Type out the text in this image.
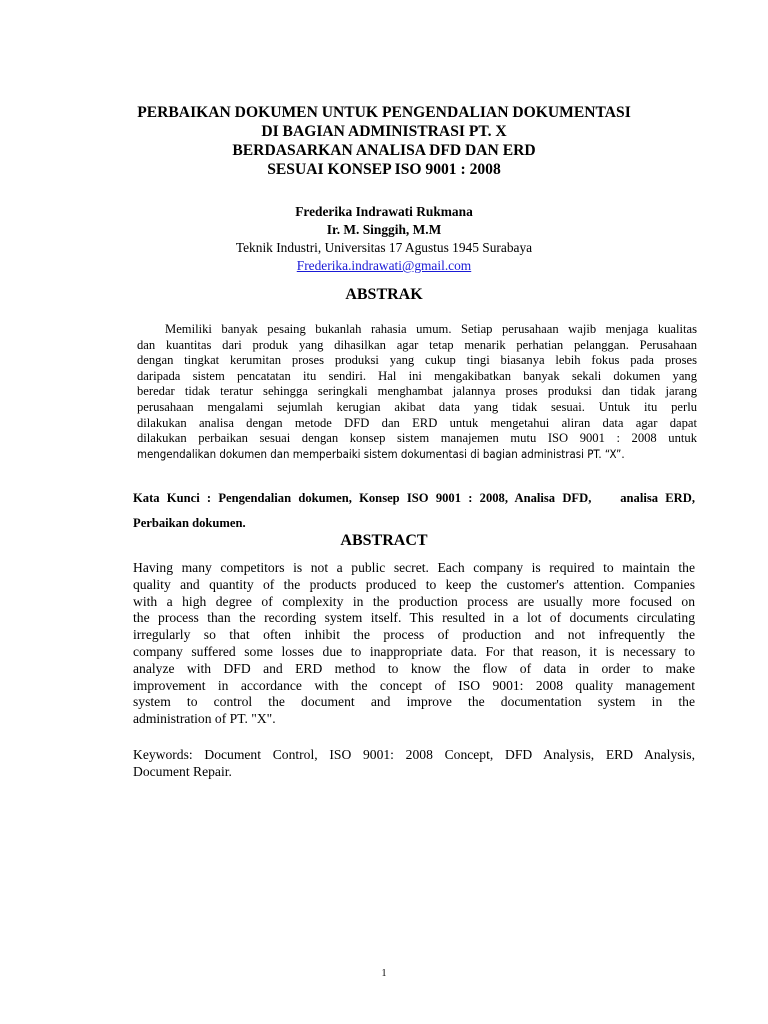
PERBAIKAN DOKUMEN UNTUK PENGENDALIAN DOKUMENTASI
DI BAGIAN ADMINISTRASI PT. X
BERDASARKAN ANALISA DFD DAN ERD
SESUAI KONSEP ISO 9001 : 2008
Frederika Indrawati Rukmana
Ir. M. Singgih, M.M
Teknik Industri, Universitas 17 Agustus 1945 Surabaya
Frederika.indrawati@gmail.com
ABSTRAK
Memiliki banyak pesaing bukanlah rahasia umum. Setiap perusahaan wajib menjaga kualitas
dan kuantitas dari produk yang dihasilkan agar tetap menarik perhatian pelanggan. Perusahaan
dengan tingkat kerumitan proses produksi yang cukup tingi biasanya lebih fokus pada proses
daripada sistem pencatatan itu sendiri. Hal ini mengakibatkan banyak sekali dokumen yang
beredar tidak teratur sehingga seringkali menghambat jalannya proses produksi dan tidak jarang
perusahaan mengalami sejumlah kerugian akibat data yang tidak sesuai. Untuk itu perlu
dilakukan analisa dengan metode DFD dan ERD untuk mengetahui aliran data agar dapat
dilakukan perbaikan sesuai dengan konsep sistem manajemen mutu ISO 9001 : 2008 untuk
mengendalikan dokumen dan memperbaiki sistem dokumentasi di bagian administrasi PT. “X”.
Kata Kunci : Pengendalian dokumen, Konsep ISO 9001 : 2008, Analisa DFD,    analisa ERD,
Perbaikan dokumen.
ABSTRACT
Having many competitors is not a public secret. Each company is required to maintain the
quality and quantity of the products produced to keep the customer's attention. Companies
with a high degree of complexity in the production process are usually more focused on
the process than the recording system itself. This resulted in a lot of documents circulating
irregularly so that often inhibit the process of production and not infrequently the
company suffered some losses due to inappropriate data. For that reason, it is necessary to
analyze with DFD and ERD method to know the flow of data in order to make
improvement in accordance with the concept of ISO 9001: 2008 quality management
system to control the document and improve the documentation system in the
administration of PT. "X".
Keywords: Document Control, ISO 9001: 2008 Concept, DFD Analysis, ERD Analysis,
Document Repair.
1
